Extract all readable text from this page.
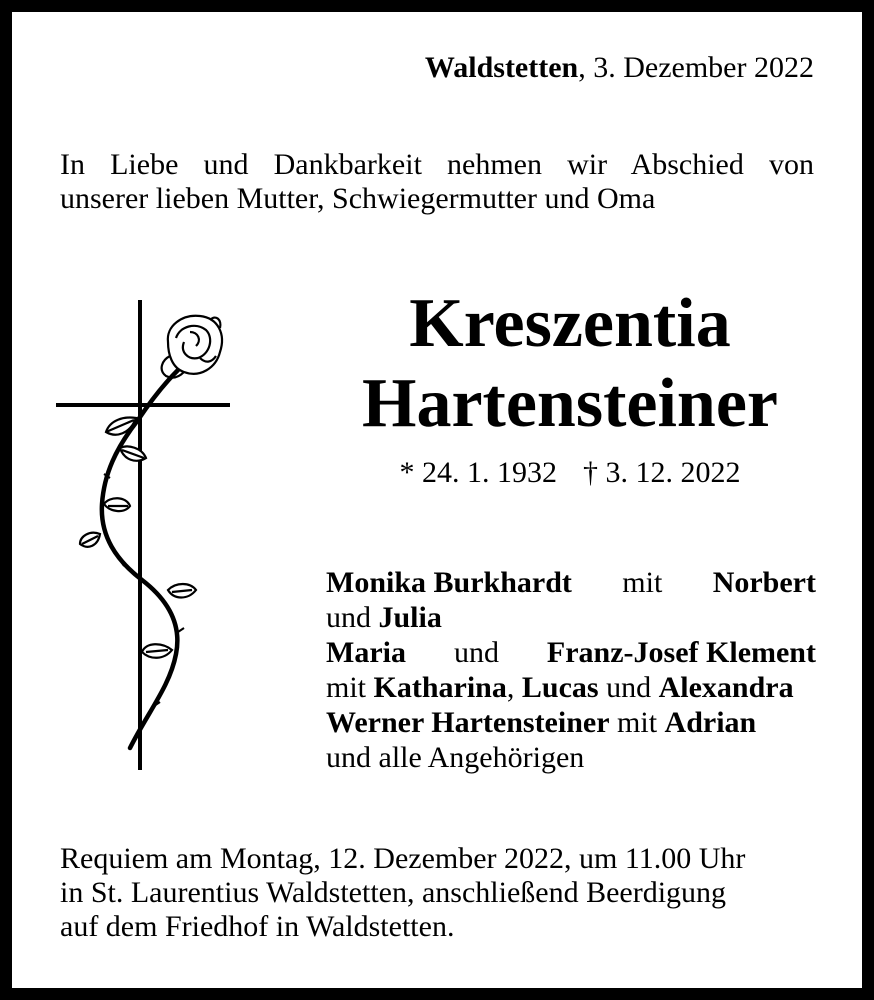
Waldstetten, 3. Dezember 2022
In Liebe und Dankbarkeit nehmen wir Abschied von
unserer lieben Mutter, Schwiegermutter und Oma
Kreszentia
Hartensteiner
* 24. 1. 1932 † 3. 12. 2022
Monika Burkhardt mit Norbert
und Julia
Maria und Franz-Josef Klement
mit Katharina, Lucas und Alexandra
Werner Hartensteiner mit Adrian
und alle Angehörigen
Requiem am Montag, 12. Dezember 2022, um 11.00 Uhr
in St. Laurentius Waldstetten, anschließend Beerdigung
auf dem Friedhof in Waldstetten.
